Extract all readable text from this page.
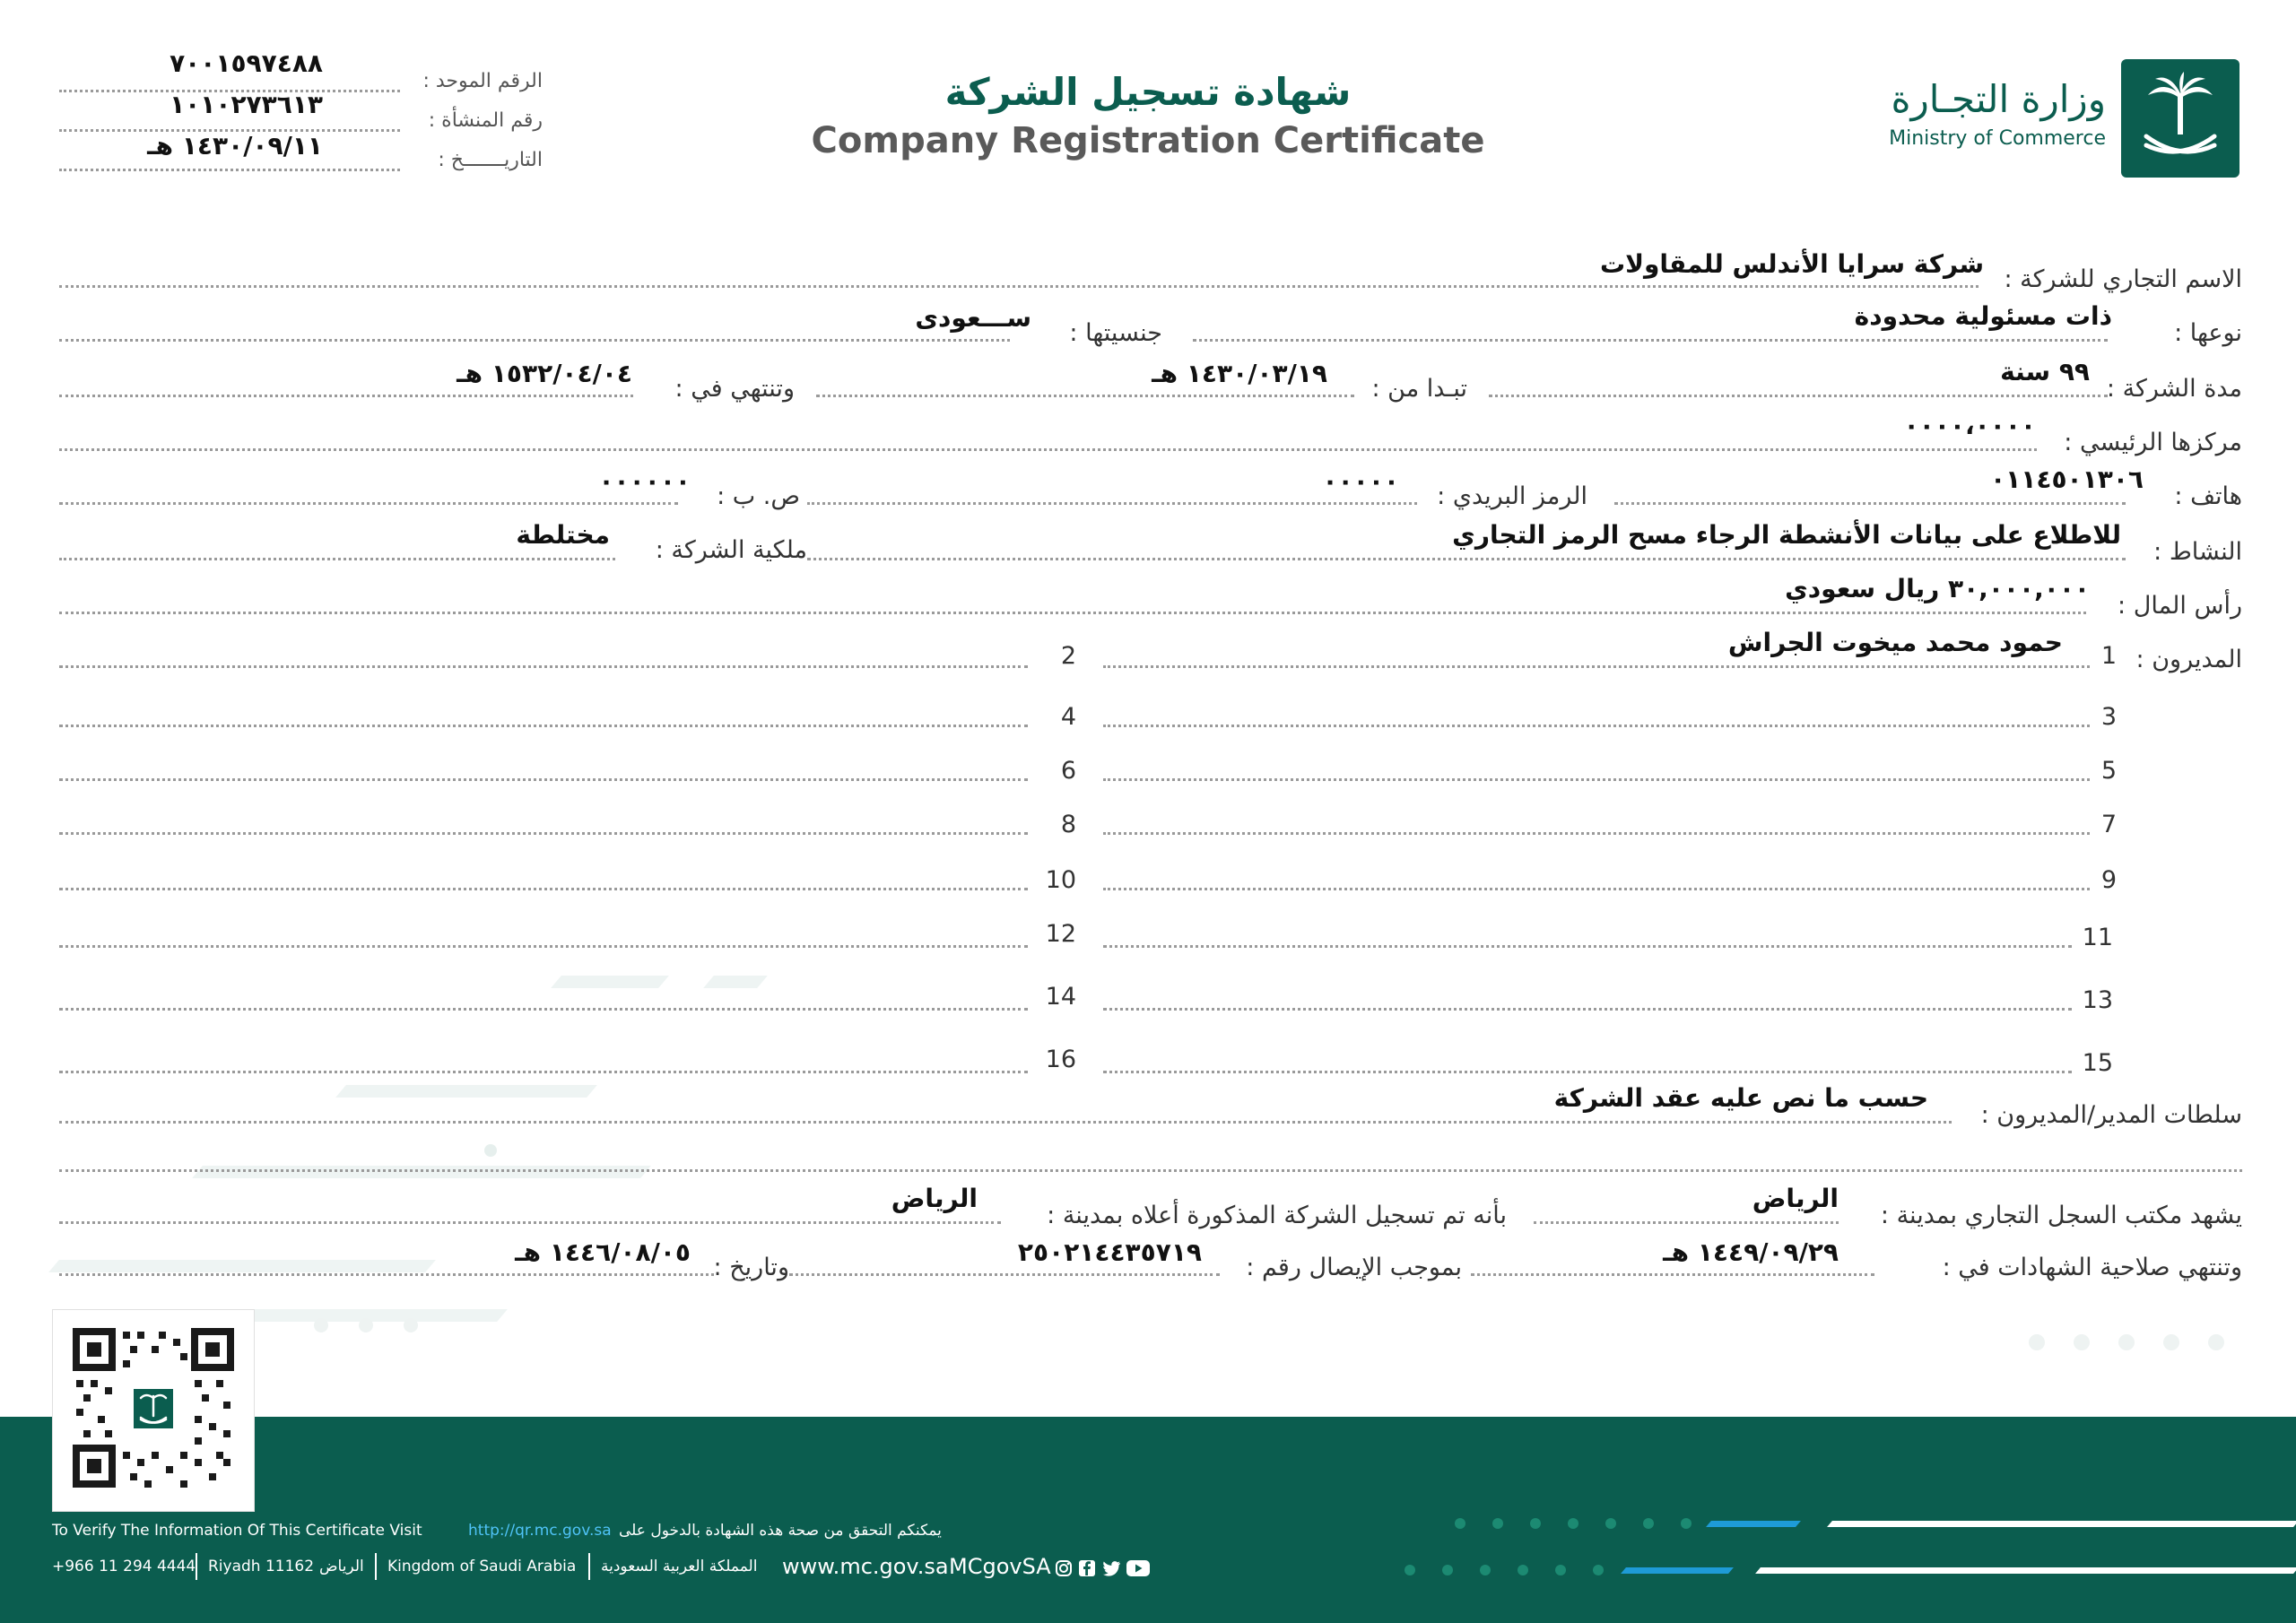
وزارة التجـارة
Ministry of Commerce
شهادة تسجيل الشركة
Company Registration Certificate
الرقم الموحد :
٧٠٠١٥٩٧٤٨٨
رقم المنشأة :
١٠١٠٢٧٣٦١٣
التاريـــــــخ :
١٤٣٠/٠٩/١١ هـ
الاسم التجاري للشركة :
شركة سرايا الأندلس للمقاولات
نوعها :
ذات مسئولية محدودة
جنسيتها :
ســـعودى
مدة الشركة :
٩٩ سنة
تبـدا من :
١٤٣٠/٠٣/١٩ هـ
وتنتهي في :
١٥٣٢/٠٤/٠٤ هـ
مركزها الرئيسي :
٠٠٠٠،٠٠٠٠
هاتف :
٠١١٤٥٠١٣٠٦
الرمز البريدي :
٠٠٠٠٠
ص. ب :
٠٠٠٠٠٠
النشاط :
للاطلاع على بيانات الأنشطة الرجاء مسح الرمز التجاري
ملكية الشركة :
مختلطة
رأس المال :
٣٠,٠٠٠,٠٠٠ ريال سعودي
المديرون :
1
حمود محمد ميخوت الجراش
2
3
4
5
6
7
8
9
10
11
12
13
14
15
16
سلطات المدير/المديرون :
حسب ما نص عليه عقد الشركة
يشهد مكتب السجل التجاري بمدينة :
الرياض
بأنه تم تسجيل الشركة المذكورة أعلاه بمدينة :
الرياض
وتنتهي صلاحية الشهادات في :
١٤٤٩/٠٩/٢٩ هـ
بموجب الإيصال رقم :
٢٥٠٢١٤٤٣٥٧١٩
وتاريخ :
١٤٤٦/٠٨/٠٥ هـ
To Verify The Information Of This Certificate Visit	http://qr.mc.gov.sa يمكنكم التحقق من صحة هذه الشهادة بالدخول على
+966 11 294 4444 Riyadh 11162 الرياض Kingdom of Saudi Arabia المملكة العربية السعودية www.mc.gov.sa MCgovSA
